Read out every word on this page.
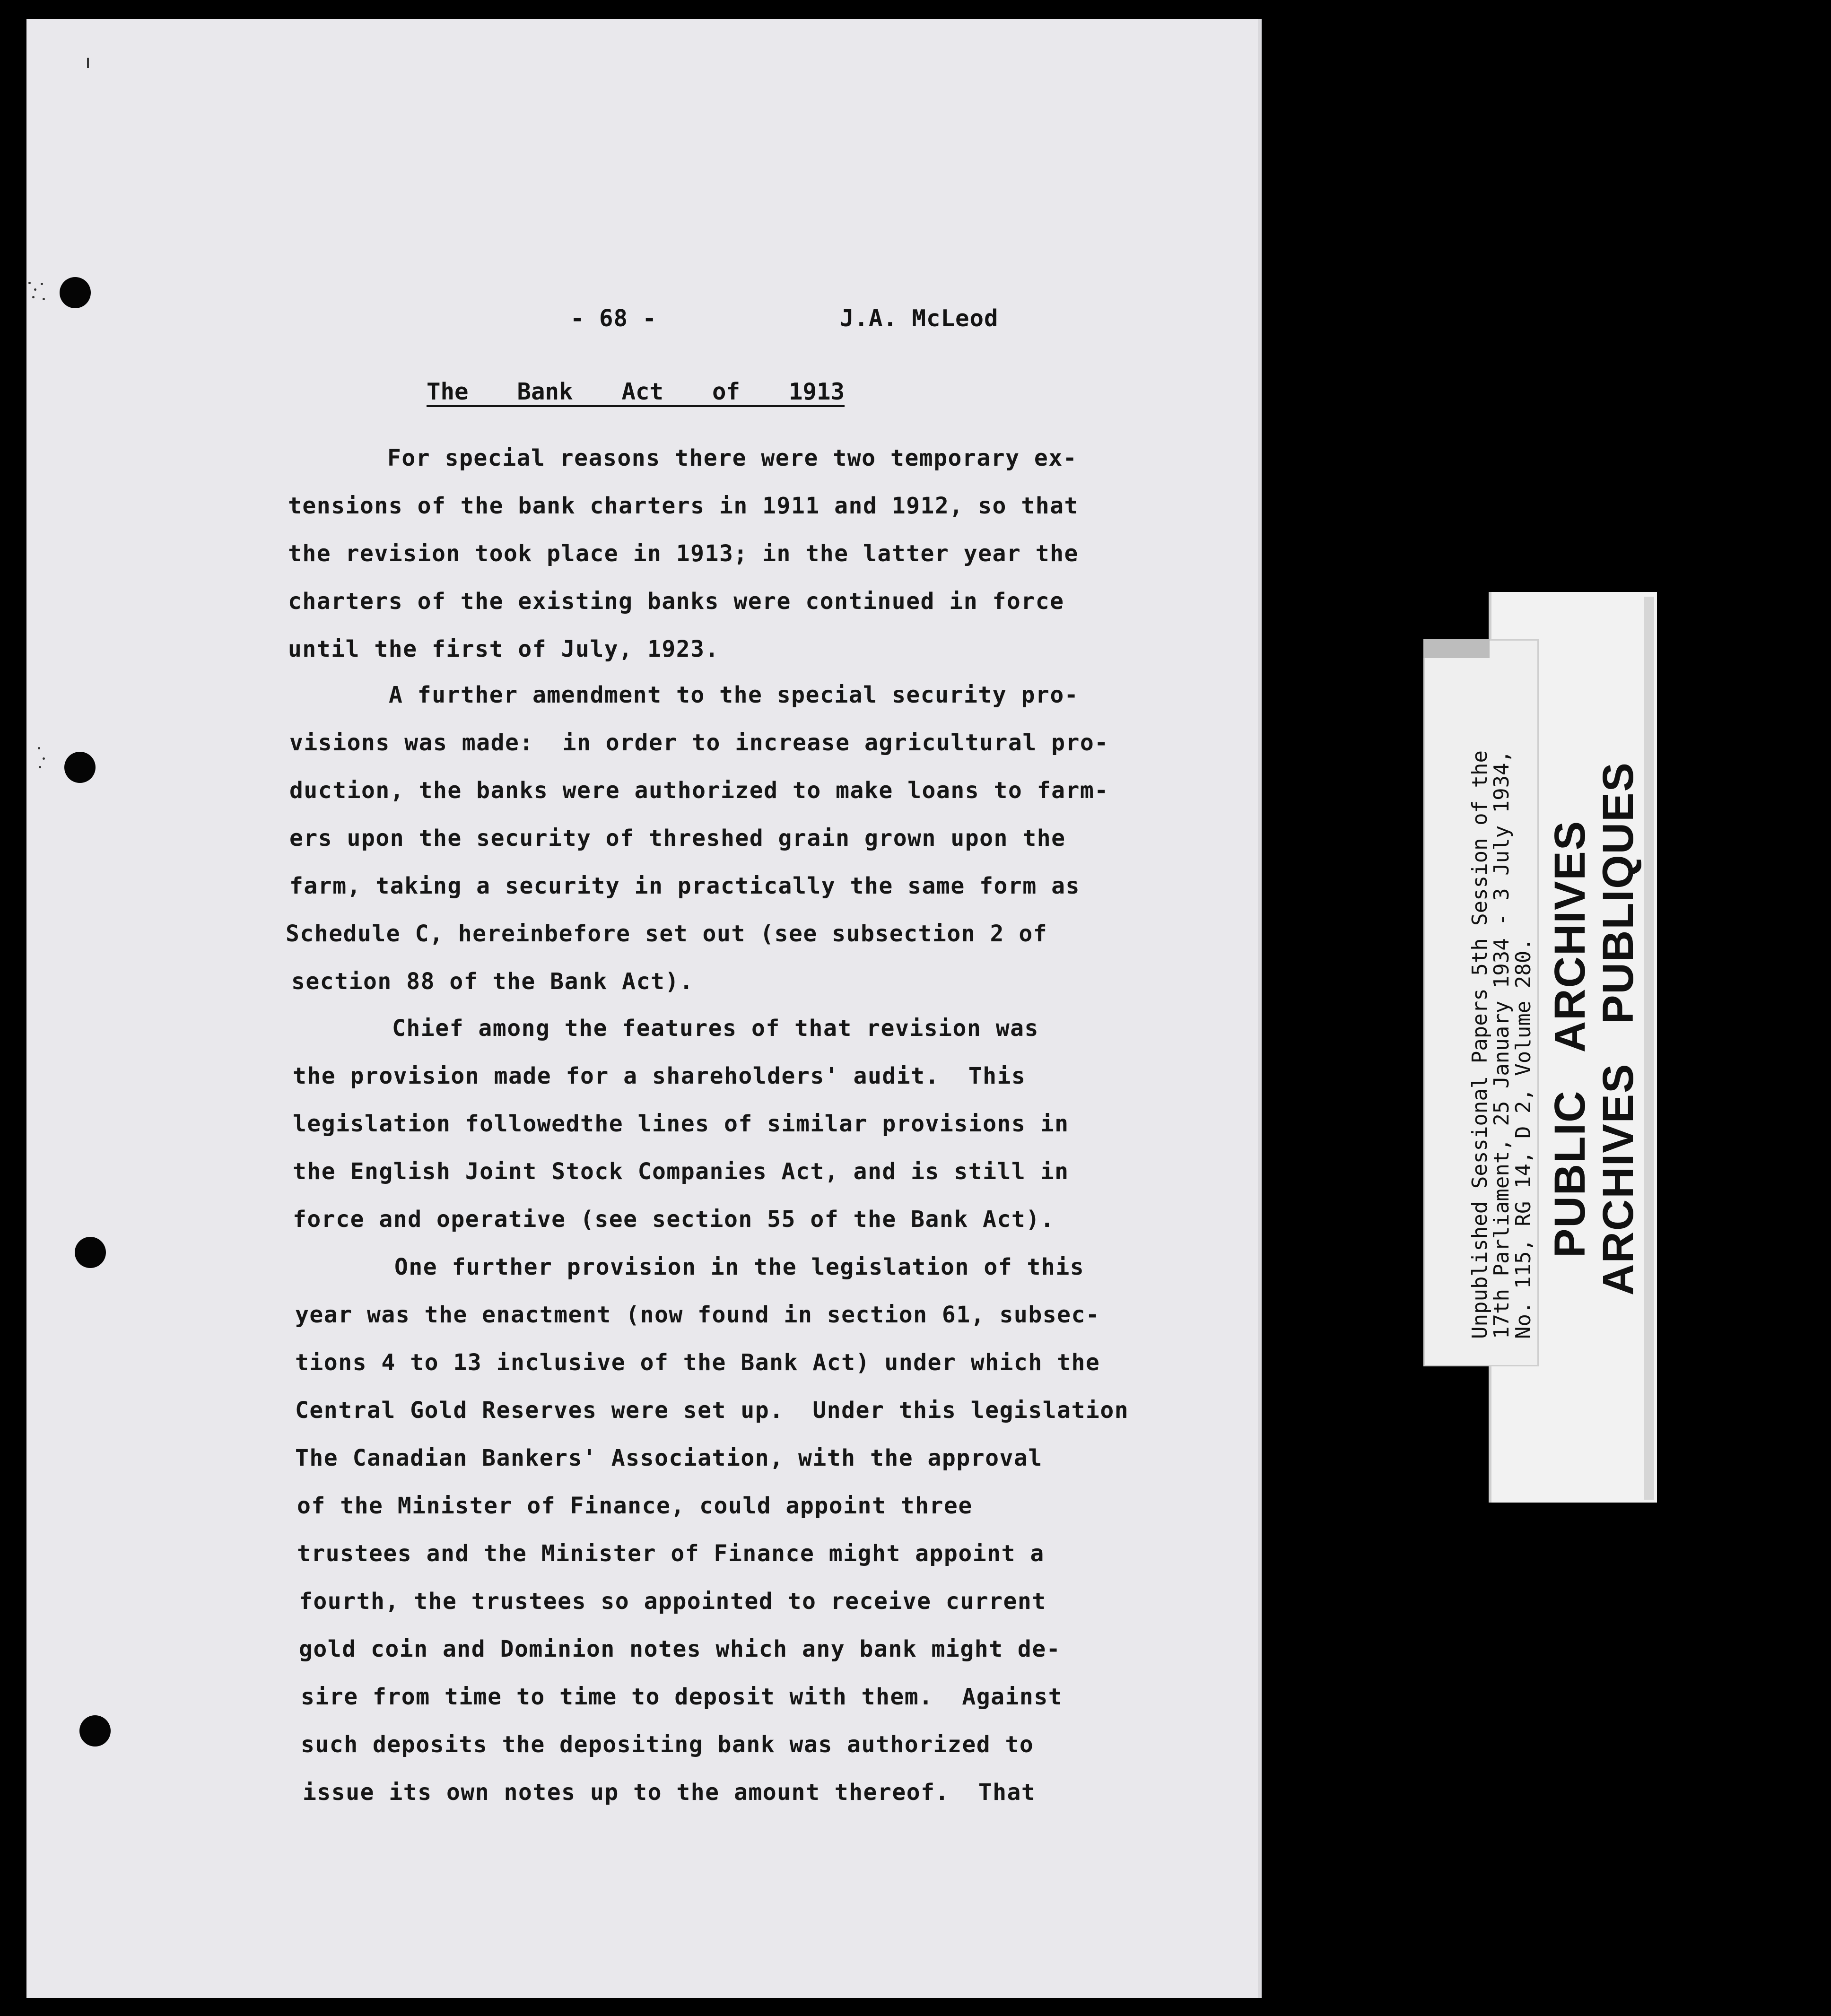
- 68 -	J.A. McLeod
The  Bank  Act  of  1913
For special reasons there were two temporary ex-
tensions of the bank charters in 1911 and 1912, so that
the revision took place in 1913; in the latter year the
charters of the existing banks were continued in force
until the first of July, 1923.
A further amendment to the special security pro-
visions was made:  in order to increase agricultural pro-
duction, the banks were authorized to make loans to farm-
ers upon the security of threshed grain grown upon the
farm, taking a security in practically the same form as
Schedule C, hereinbefore set out (see subsection 2 of
section 88 of the Bank Act).
Chief among the features of that revision was
the provision made for a shareholders' audit.  This
legislation followedthe lines of similar provisions in
the English Joint Stock Companies Act, and is still in
force and operative (see section 55 of the Bank Act).
One further provision in the legislation of this
year was the enactment (now found in section 61, subsec-
tions 4 to 13 inclusive of the Bank Act) under which the
Central Gold Reserves were set up.  Under this legislation
The Canadian Bankers' Association, with the approval
of the Minister of Finance, could appoint three
trustees and the Minister of Finance might appoint a
fourth, the trustees so appointed to receive current
gold coin and Dominion notes which any bank might de-
sire from time to time to deposit with them.  Against
such deposits the depositing bank was authorized to
issue its own notes up to the amount thereof.  That
Unpublished Sessional Papers 5th Session of the
17th Parliament, 25 January 1934 - 3 July 1934,
No. 115, RG 14, D 2, Volume 280. PUBLIC   ARCHIVES ARCHIVES   PUBLIQUES
